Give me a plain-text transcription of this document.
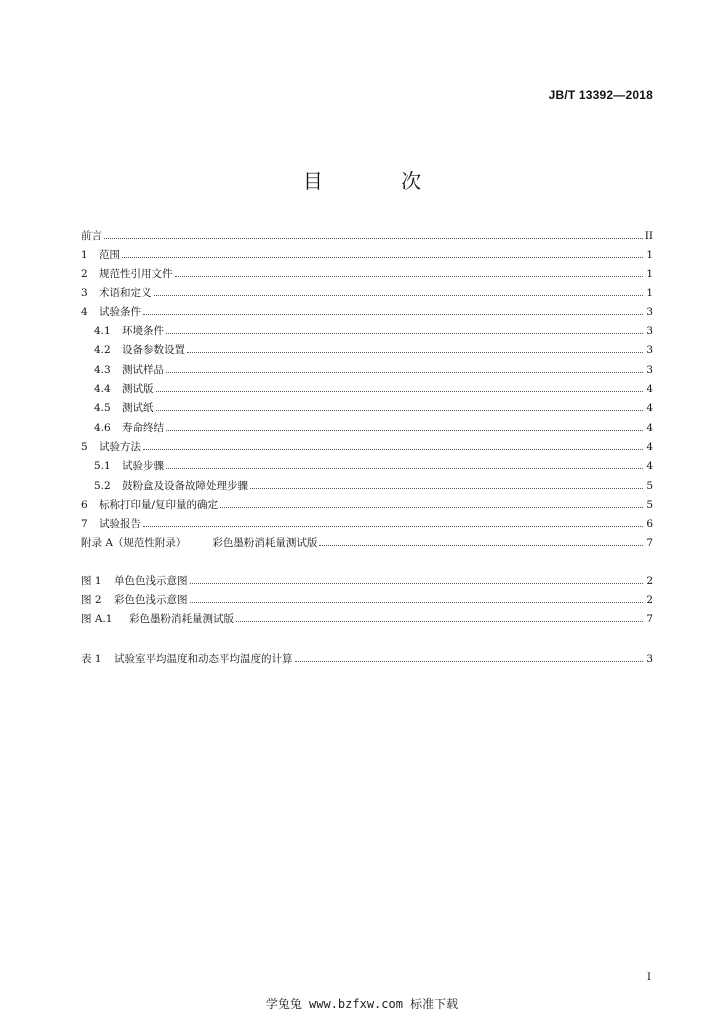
JB/T 13392—2018
目 次
前言	II
1	范围	1
2	规范性引用文件	1
3	术语和定义	1
4	试验条件	3
4.1	环境条件	3
4.2	设备参数设置	3
4.3	测试样品	3
4.4	测试版	4
4.5	测试纸	4
4.6	寿命终结	4
5	试验方法	4
5.1	试验步骤	4
5.2	鼓粉盒及设备故障处理步骤	5
6	标称打印量/复印量的确定	5
7	试验报告	6
附录 A（规范性附录） 彩色墨粉消耗量测试版	7
图 1	单色色浅示意图	2
图 2	彩色色浅示意图	2
图 A.1	彩色墨粉消耗量测试版	7
表 1	试验室平均温度和动态平均温度的计算	3
I
学兔兔 www.bzfxw.com 标准下载
